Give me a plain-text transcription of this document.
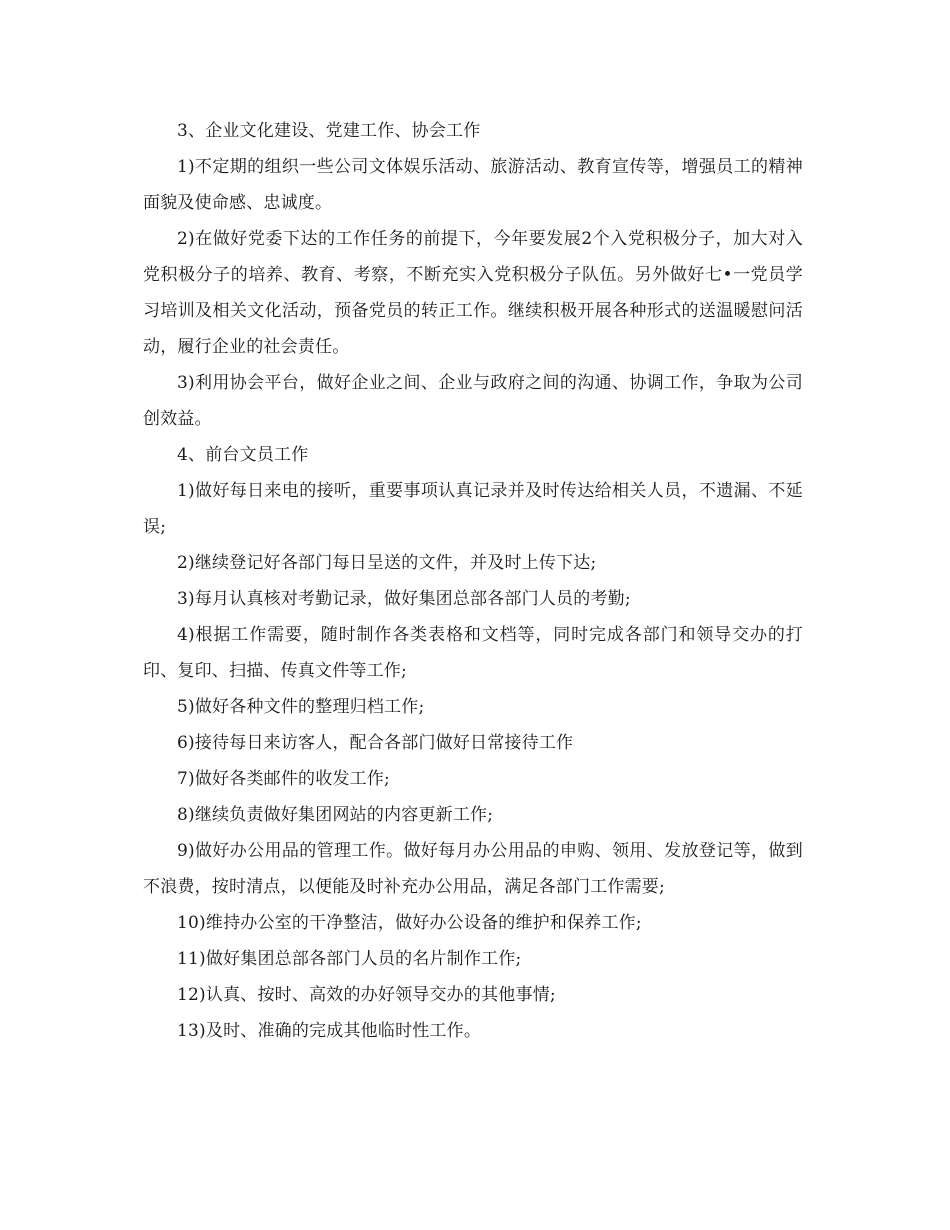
3、企业文化建设、党建工作、协会工作

1)不定期的组织一些公司文体娱乐活动、旅游活动、教育宣传等，增强员工的精神面貌及使命感、忠诚度。

2)在做好党委下达的工作任务的前提下，今年要发展2个入党积极分子，加大对入党积极分子的培养、教育、考察，不断充实入党积极分子队伍。另外做好七•一党员学习培训及相关文化活动，预备党员的转正工作。继续积极开展各种形式的送温暖慰问活动，履行企业的社会责任。

3)利用协会平台，做好企业之间、企业与政府之间的沟通、协调工作，争取为公司创效益。

4、前台文员工作

1)做好每日来电的接听，重要事项认真记录并及时传达给相关人员，不遗漏、不延误;

2)继续登记好各部门每日呈送的文件，并及时上传下达;

3)每月认真核对考勤记录，做好集团总部各部门人员的考勤;

4)根据工作需要，随时制作各类表格和文档等，同时完成各部门和领导交办的打印、复印、扫描、传真文件等工作;

5)做好各种文件的整理归档工作;

6)接待每日来访客人，配合各部门做好日常接待工作

7)做好各类邮件的收发工作;

8)继续负责做好集团网站的内容更新工作;

9)做好办公用品的管理工作。做好每月办公用品的申购、领用、发放登记等，做到不浪费，按时清点，以便能及时补充办公用品，满足各部门工作需要;

10)维持办公室的干净整洁，做好办公设备的维护和保养工作;

11)做好集团总部各部门人员的名片制作工作;

12)认真、按时、高效的办好领导交办的其他事情;

13)及时、准确的完成其他临时性工作。
